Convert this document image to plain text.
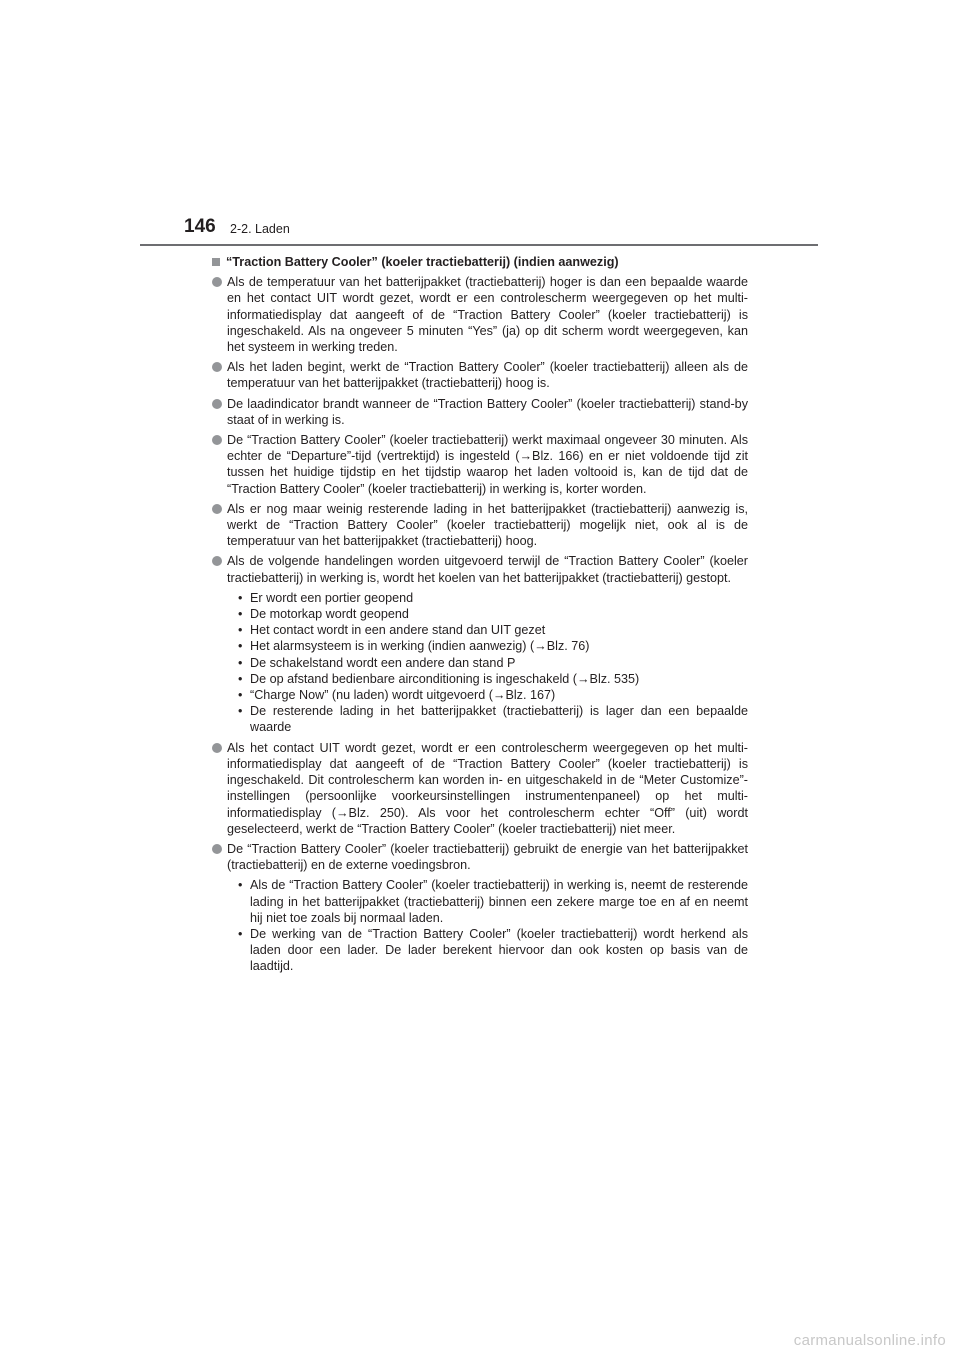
146 2-2. Laden
“Traction Battery Cooler” (koeler tractiebatterij) (indien aanwezig)
Als de temperatuur van het batterijpakket (tractiebatterij) hoger is dan een bepaalde waarde en het contact UIT wordt gezet, wordt er een controlescherm weergegeven op het multi-informatiedisplay dat aangeeft of de “Traction Battery Cooler” (koeler tractiebatterij) is ingeschakeld. Als na ongeveer 5 minuten “Yes” (ja) op dit scherm wordt weergegeven, kan het systeem in werking treden.
Als het laden begint, werkt de “Traction Battery Cooler” (koeler tractiebatterij) alleen als de temperatuur van het batterijpakket (tractiebatterij) hoog is.
De laadindicator brandt wanneer de “Traction Battery Cooler” (koeler tractiebatterij) stand-by staat of in werking is.
De “Traction Battery Cooler” (koeler tractiebatterij) werkt maximaal ongeveer 30 minuten. Als echter de “Departure”-tijd (vertrektijd) is ingesteld (→Blz. 166) en er niet voldoende tijd zit tussen het huidige tijdstip en het tijdstip waarop het laden voltooid is, kan de tijd dat de “Traction Battery Cooler” (koeler tractiebatterij) in werking is, korter worden.
Als er nog maar weinig resterende lading in het batterijpakket (tractiebatterij) aanwezig is, werkt de “Traction Battery Cooler” (koeler tractiebatterij) mogelijk niet, ook al is de temperatuur van het batterijpakket (tractiebatterij) hoog.
Als de volgende handelingen worden uitgevoerd terwijl de “Traction Battery Cooler” (koeler tractiebatterij) in werking is, wordt het koelen van het batterijpakket (tractiebatterij) gestopt.
• Er wordt een portier geopend
• De motorkap wordt geopend
• Het contact wordt in een andere stand dan UIT gezet
• Het alarmsysteem is in werking (indien aanwezig) (→Blz. 76)
• De schakelstand wordt een andere dan stand P
• De op afstand bedienbare airconditioning is ingeschakeld (→Blz. 535)
• “Charge Now” (nu laden) wordt uitgevoerd (→Blz. 167)
• De resterende lading in het batterijpakket (tractiebatterij) is lager dan een bepaalde waarde
Als het contact UIT wordt gezet, wordt er een controlescherm weergegeven op het multi-informatiedisplay dat aangeeft of de “Traction Battery Cooler” (koeler tractiebatterij) is ingeschakeld. Dit controlescherm kan worden in- en uitgeschakeld in de “Meter Customize”-instellingen (persoonlijke voorkeursinstellingen instrumentenpaneel) op het multi-informatiedisplay (→Blz. 250). Als voor het controlescherm echter “Off” (uit) wordt geselecteerd, werkt de “Traction Battery Cooler” (koeler tractiebatterij) niet meer.
De “Traction Battery Cooler” (koeler tractiebatterij) gebruikt de energie van het batterijpakket (tractiebatterij) en de externe voedingsbron.
• Als de “Traction Battery Cooler” (koeler tractiebatterij) in werking is, neemt de resterende lading in het batterijpakket (tractiebatterij) binnen een zekere marge toe en af en neemt hij niet toe zoals bij normaal laden.
• De werking van de “Traction Battery Cooler” (koeler tractiebatterij) wordt herkend als laden door een lader. De lader berekent hiervoor dan ook kosten op basis van de laadtijd.
carmanualsonline.info
